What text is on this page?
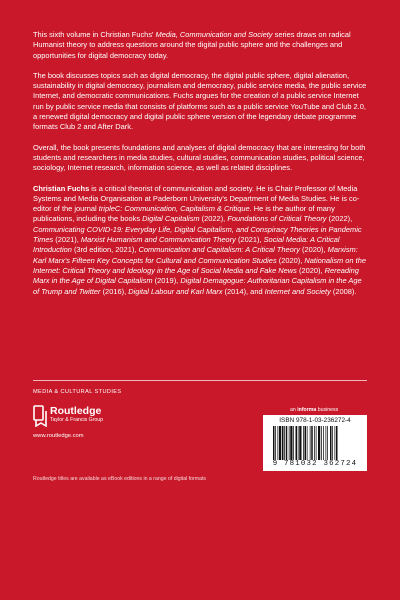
This sixth volume in Christian Fuchs' Media, Communication and Society series draws on radical Humanist theory to address questions around the digital public sphere and the challenges and opportunities for digital democracy today.

The book discusses topics such as digital democracy, the digital public sphere, digital alienation, sustainability in digital democracy, journalism and democracy, public service media, the public service Internet, and democratic communications. Fuchs argues for the creation of a public service Internet run by public service media that consists of platforms such as a public service YouTube and Club 2.0, a renewed digital democracy and digital public sphere version of the legendary debate programme formats Club 2 and After Dark.

Overall, the book presents foundations and analyses of digital democracy that are interesting for both students and researchers in media studies, cultural studies, communication studies, political science, sociology, Internet research, information science, as well as related disciplines.

Christian Fuchs is a critical theorist of communication and society. He is Chair Professor of Media Systems and Media Organisation at Paderborn University's Department of Media Studies. He is co-editor of the journal tripleC: Communication, Capitalism & Critique. He is the author of many publications, including the books Digital Capitalism (2022), Foundations of Critical Theory (2022), Communicating COVID-19: Everyday Life, Digital Capitalism, and Conspiracy Theories in Pandemic Times (2021), Marxist Humanism and Communication Theory (2021), Social Media: A Critical Introduction (3rd edition, 2021), Communication and Capitalism: A Critical Theory (2020), Marxism: Karl Marx's Fifteen Key Concepts for Cultural and Communication Studies (2020), Nationalism on the Internet: Critical Theory and Ideology in the Age of Social Media and Fake News (2020), Rereading Marx in the Age of Digital Capitalism (2019), Digital Demagogue: Authoritarian Capitalism in the Age of Trump and Twitter (2016), Digital Labour and Karl Marx (2014), and Internet and Society (2008).

MEDIA & CULTURAL STUDIES
Routledge
Taylor & Francis Group
www.routledge.com
an informa business
ISBN 978-1-03-236272-4
9 781032 362724
Routledge titles are available as eBook editions in a range of digital formats
